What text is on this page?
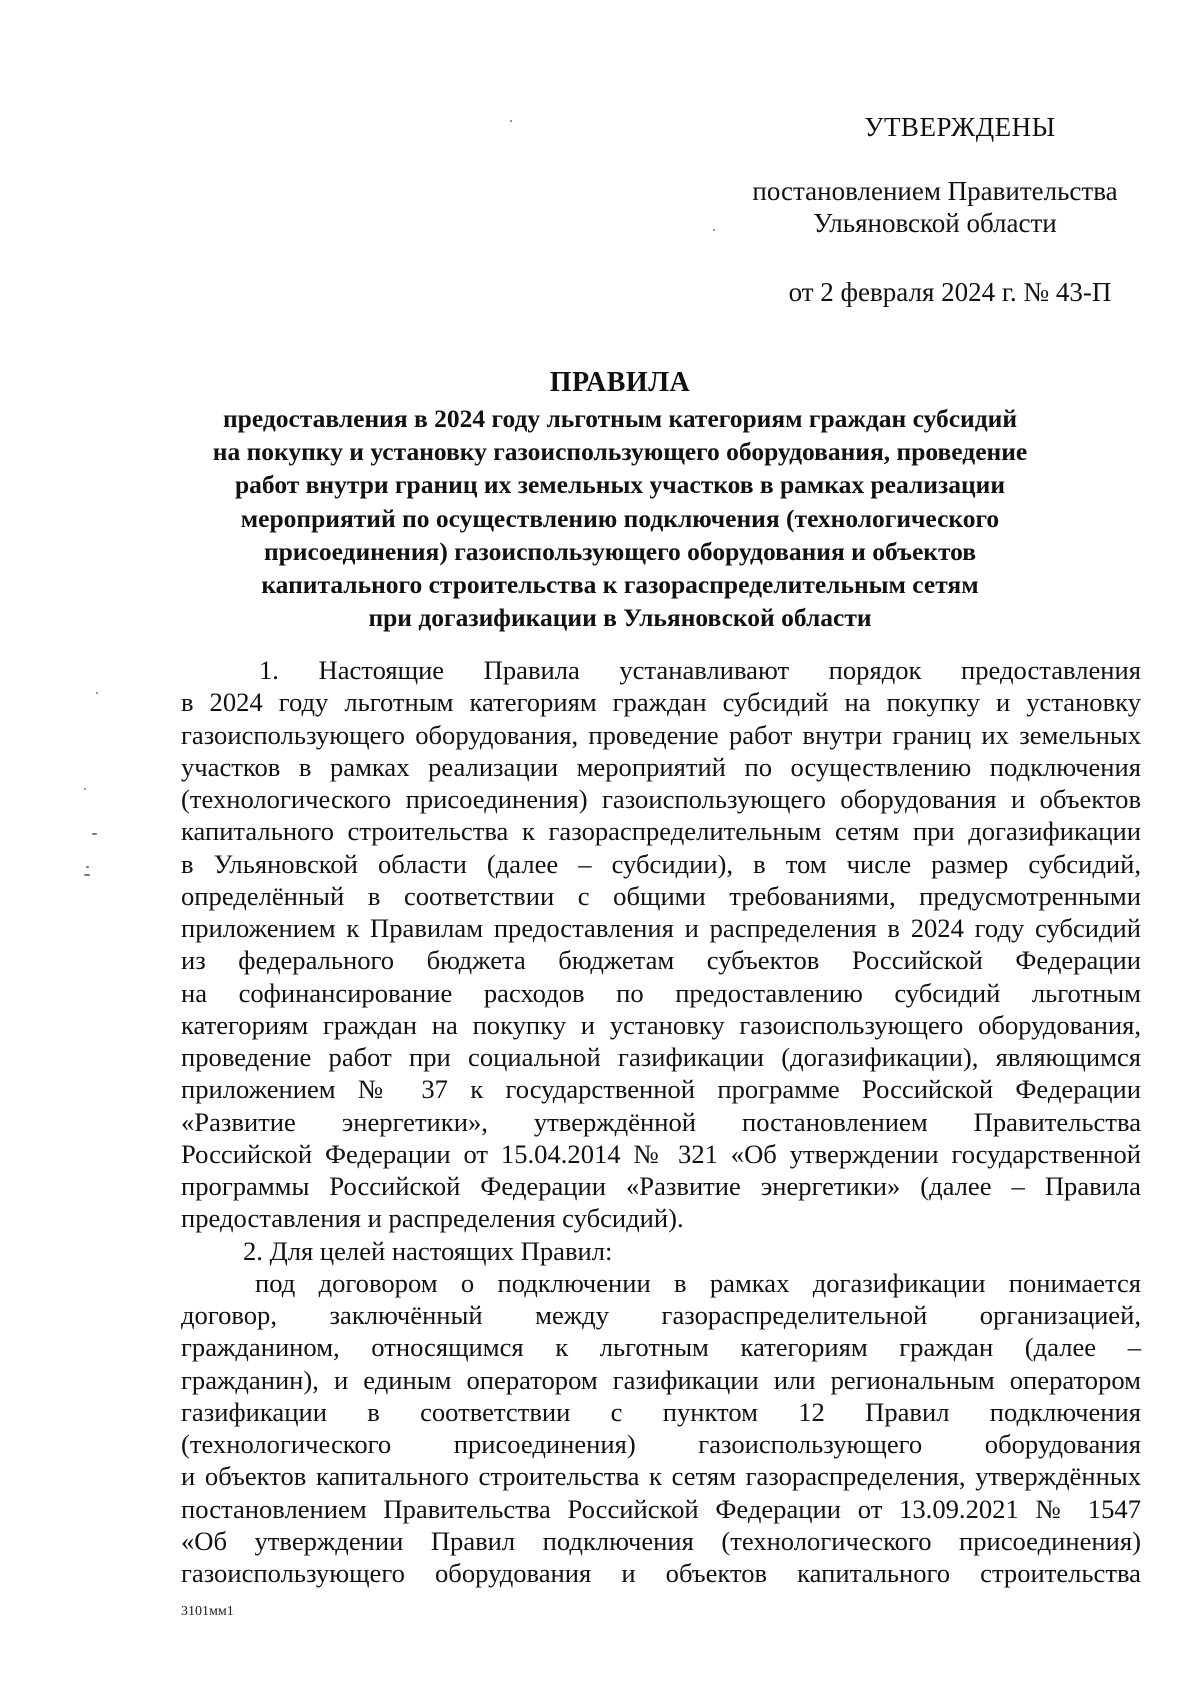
УТВЕРЖДЕНЫ
постановлением Правительства
Ульяновской области
от 2 февраля 2024 г. № 43-П
ПРАВИЛА
предоставления в 2024 году льготным категориям граждан субсидий
на покупку и установку газоиспользующего оборудования, проведение
работ внутри границ их земельных участков в рамках реализации
мероприятий по осуществлению подключения (технологического
присоединения) газоиспользующего оборудования и объектов
капитального строительства к газораспределительным сетям
при догазификации в Ульяновской области
1. Настоящие Правила устанавливают порядок предоставления
в 2024 году льготным категориям граждан субсидий на покупку и установку
газоиспользующего оборудования, проведение работ внутри границ их земельных
участков в рамках реализации мероприятий по осуществлению подключения
(технологического присоединения) газоиспользующего оборудования и объектов
капитального строительства к газораспределительным сетям при догазификации
в Ульяновской области (далее – субсидии), в том числе размер субсидий,
определённый в соответствии с общими требованиями, предусмотренными
приложением к Правилам предоставления и распределения в 2024 году субсидий
из федерального бюджета бюджетам субъектов Российской Федерации
на софинансирование расходов по предоставлению субсидий льготным
категориям граждан на покупку и установку газоиспользующего оборудования,
проведение работ при социальной газификации (догазификации), являющимся
приложением № 37 к государственной программе Российской Федерации
«Развитие энергетики», утверждённой постановлением Правительства
Российской Федерации от 15.04.2014 № 321 «Об утверждении государственной
программы Российской Федерации «Развитие энергетики» (далее – Правила
предоставления и распределения субсидий).
2. Для целей настоящих Правил:
под договором о подключении в рамках догазификации понимается
договор, заключённый между газораспределительной организацией,
гражданином, относящимся к льготным категориям граждан (далее –
гражданин), и единым оператором газификации или региональным оператором
газификации в соответствии с пунктом 12 Правил подключения
(технологического присоединения) газоиспользующего оборудования
и объектов капитального строительства к сетям газораспределения, утверждённых
постановлением Правительства Российской Федерации от 13.09.2021 № 1547
«Об утверждении Правил подключения (технологического присоединения)
газоиспользующего оборудования и объектов капитального строительства
3101мм1
